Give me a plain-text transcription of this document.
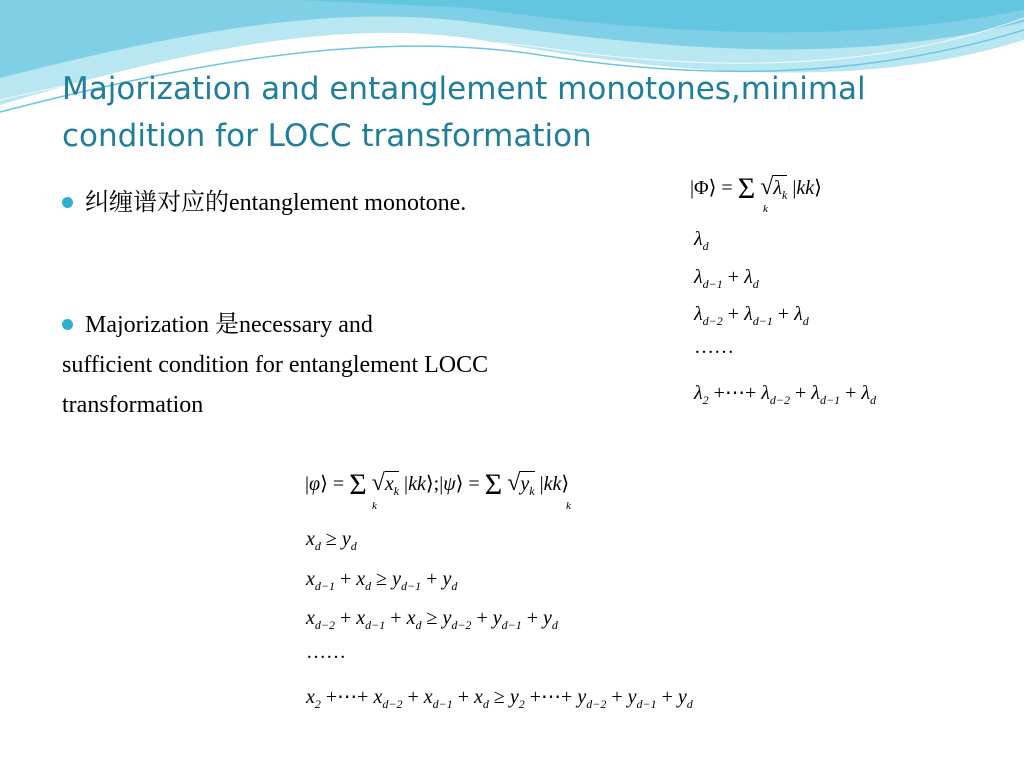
Majorization and entanglement monotones,minimal
condition for LOCC transformation
纠缠谱对应的entanglement monotone.
Majorization 是necessary and

sufficient condition for entanglement LOCC
transformation
|Φ⟩ = Σ $√\lambda_k$ |kk⟩
k
$\lambda_d$
$\lambda_{d-1} + \lambda_d$
$\lambda_{d-2} + \lambda_{d-1} + \lambda_d$
……
$\lambda_2$ +⋯+ $\lambda_{d-2} + \lambda_{d-1} + \lambda_d$
|φ⟩ = Σ $√x_k$ |kk⟩;|ψ⟩ = Σ $√y_k$ |kk⟩
k	k
$x_d \ge y_d$
$x_{d-1} + x_d \ge y_{d-1} + y_d$
$x_{d-2} + x_{d-1} + x_d \ge y_{d-2} + y_{d-1} + y_d$
……
$x_2$ +⋯+ $x_{d-2} + x_{d-1} + x_d \ge y_2$ +⋯+ $y_{d-2} + y_{d-1} + y_d$
